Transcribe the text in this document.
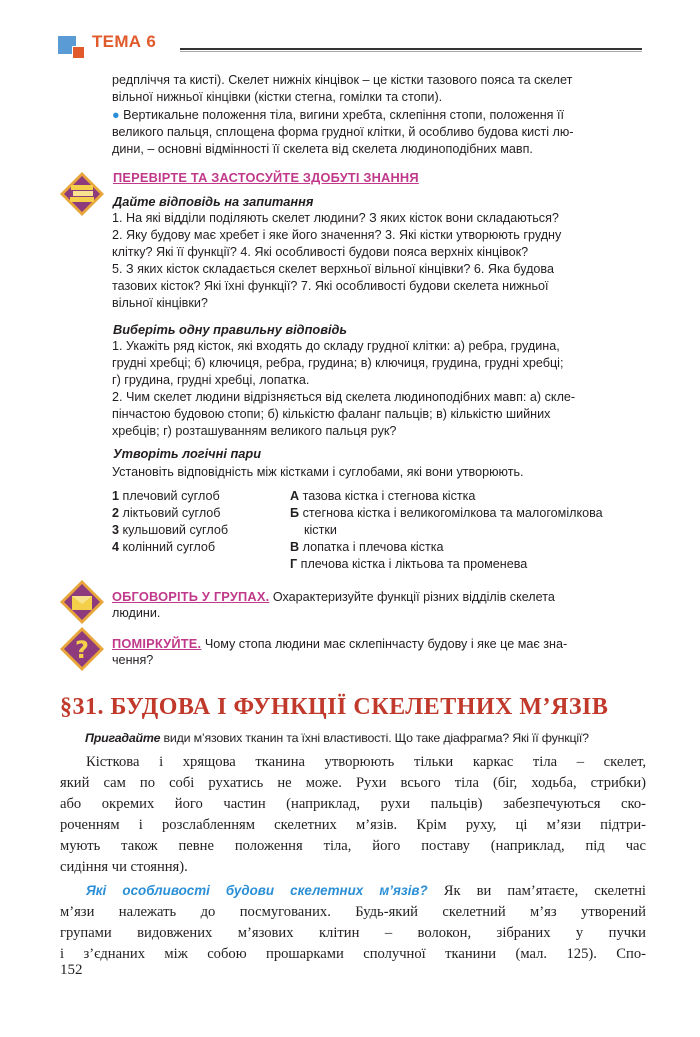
ТЕМА 6
редпліччя та кисті). Скелет нижніх кінцівок – це кістки тазового пояса та скелет
вільної нижньої кінцівки (кістки стегна, гомілки та стопи).
● Вертикальне положення тіла, вигини хребта, склепіння стопи, положення її
великого пальця, сплощена форма грудної клітки, й особливо будова кисті лю-
дини, – основні відмінності її скелета від скелета людиноподібних мавп.
ПЕРЕВІРТЕ ТА ЗАСТОСУЙТЕ ЗДОБУТІ ЗНАННЯ
Дайте відповідь на запитання
1. На які відділи поділяють скелет людини? З яких кісток вони складаються?
2. Яку будову має хребет і яке його значення? 3. Які кістки утворюють грудну
клітку? Які її функції? 4. Які особливості будови пояса верхніх кінцівок?
5. З яких кісток складається скелет верхньої вільної кінцівки? 6. Яка будова
тазових кісток? Які їхні функції? 7. Які особливості будови скелета нижньої
вільної кінцівки?
Виберіть одну правильну відповідь
1. Укажіть ряд кісток, які входять до складу грудної клітки: а) ребра, грудина,
грудні хребці; б) ключиця, ребра, грудина; в) ключиця, грудина, грудні хребці;
г) грудина, грудні хребці, лопатка.
2. Чим скелет людини відрізняється від скелета людиноподібних мавп: а) скле-
пінчастою будовою стопи; б) кількістю фаланг пальців; в) кількістю шийних
хребців; г) розташуванням великого пальця рук?
Утворіть логічні пари
Установіть відповідність між кістками і суглобами, які вони утворюють.
1 плечовий суглоб
2 ліктьовий суглоб
3 кульшовий суглоб
4 колінний суглоб
А тазова кістка і стегнова кістка
Б стегнова кістка і великогомілкова та малогомілкова
кістки
В лопатка і плечова кістка
Г плечова кістка і ліктьова та променева
ОБГОВОРІТЬ У ГРУПАХ. Охарактеризуйте функції різних відділів скелета
людини.
? ПОМІРКУЙТЕ. Чому стопа людини має склепінчасту будову і яке це має зна-
чення?
§31. БУДОВА І ФУНКЦІЇ СКЕЛЕТНИХ М’ЯЗІВ
Пригадайте види м’язових тканин та їхні властивості. Що таке діафрагма? Які її функції?
Кісткова і хрящова тканина утворюють тільки каркас тіла – скелет,
який сам по собі рухатись не може. Рухи всього тіла (біг, ходьба, стрибки)
або окремих його частин (наприклад, рухи пальців) забезпечуються ско-
роченням і розслабленням скелетних м’язів. Крім руху, ці м’язи підтри-
мують також певне положення тіла, його поставу (наприклад, під час
сидіння чи стояння).
Які особливості будови скелетних м’язів? Як ви пам’ятаєте, скелетні
м’язи належать до посмугованих. Будь-який скелетний м’яз утворений
групами видовжених м’язових клітин – волокон, зібраних у пучки
і з’єднаних між собою прошарками сполучної тканини (мал. 125). Спо-
152
